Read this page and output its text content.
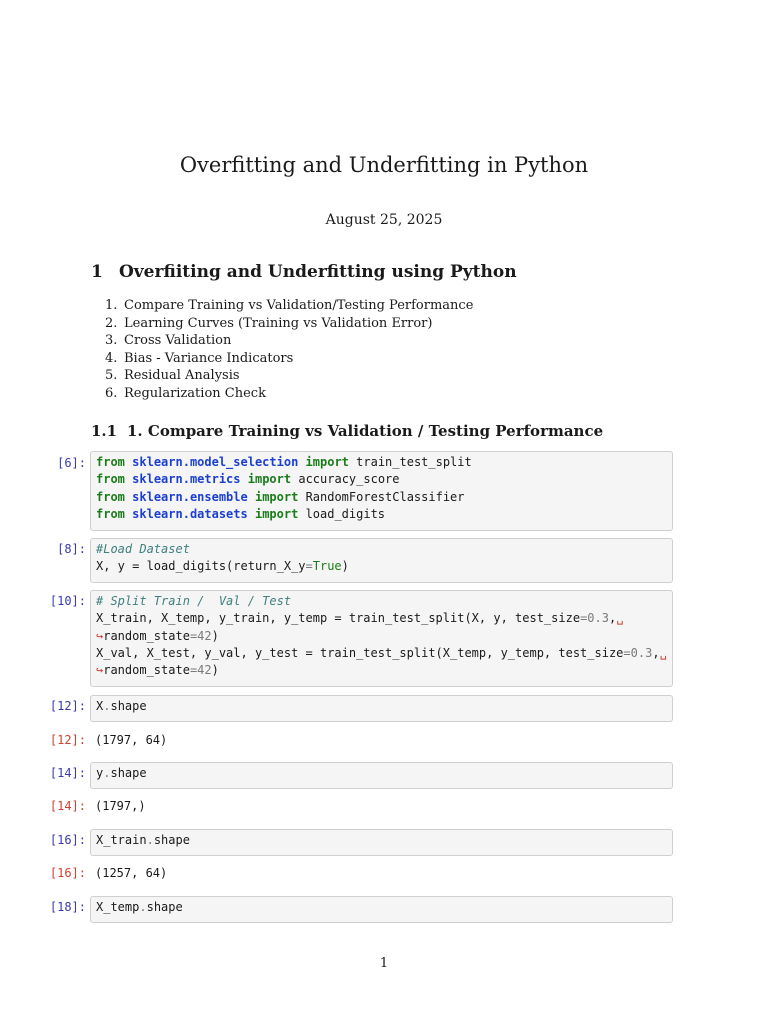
Overfitting and Underfitting in Python
August 25, 2025
1 Overfiiting and Underfitting using Python
1. Compare Training vs Validation/Testing Performance
2. Learning Curves (Training vs Validation Error)
3. Cross Validation
4. Bias - Variance Indicators
5. Residual Analysis
6. Regularization Check
1.1 1. Compare Training vs Validation / Testing Performance
[6]: from sklearn.model_selection import train_test_split
from sklearn.metrics import accuracy_score
from sklearn.ensemble import RandomForestClassifier
from sklearn.datasets import load_digits
[8]: #Load Dataset
X, y = load_digits(return_X_y=True)
[10]: # Split Train /  Val / Test
X_train, X_temp, y_train, y_temp = train_test_split(X, y, test_size=0.3,␣
↪random_state=42)
X_val, X_test, y_val, y_test = train_test_split(X_temp, y_temp, test_size=0.3,␣
↪random_state=42)
[12]: X.shape
[12]: (1797, 64)
[14]: y.shape
[14]: (1797,)
[16]: X_train.shape
[16]: (1257, 64)
[18]: X_temp.shape
1
